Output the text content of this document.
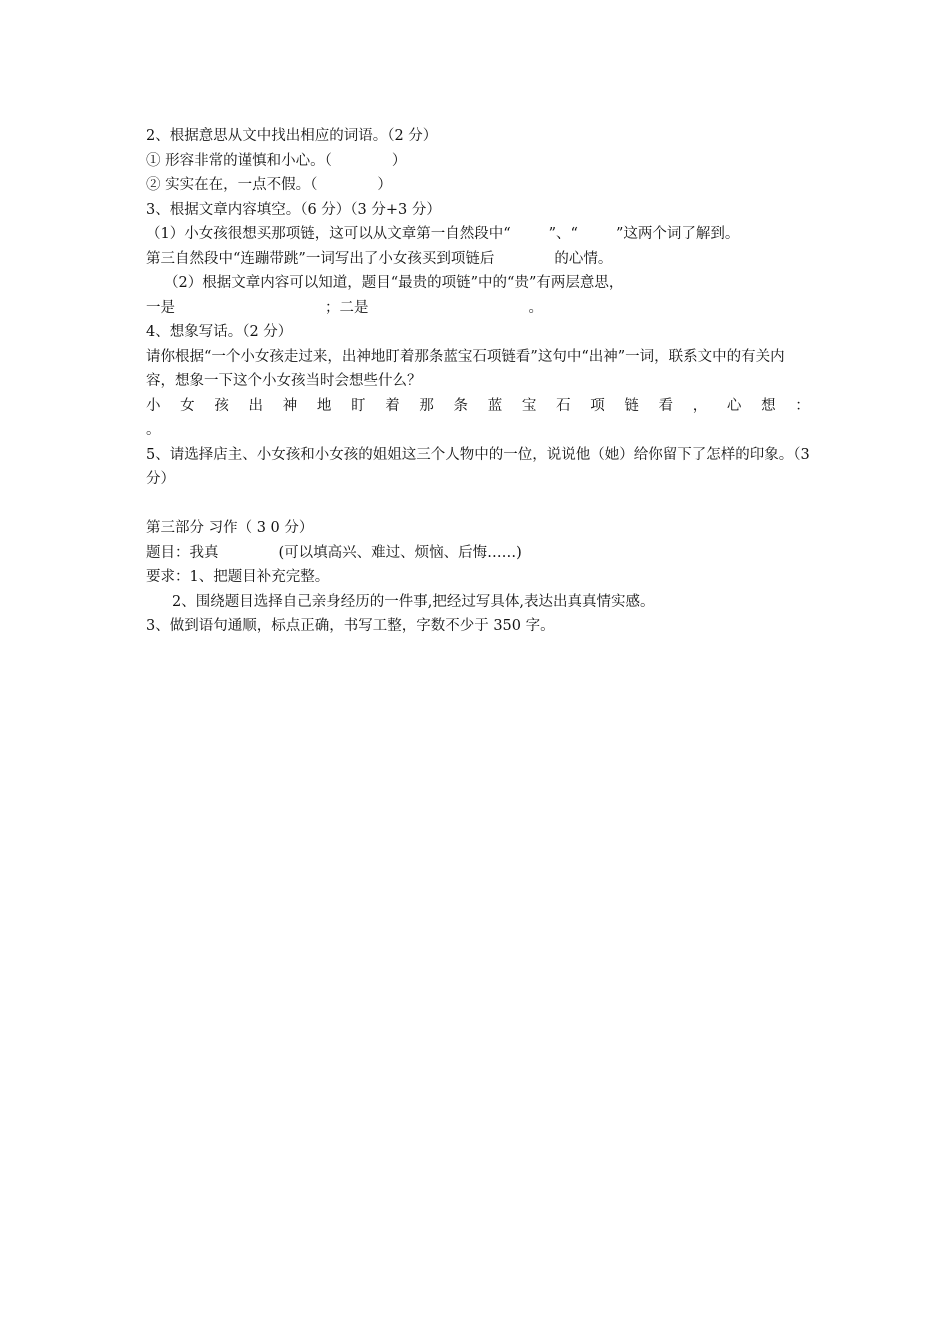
2、根据意思从文中找出相应的词语。（2 分）
① 形容非常的谨慎和小心。（	）
② 实实在在，一点不假。（	）
3、根据文章内容填空。（6 分）（3 分+3 分）
（1）小女孩很想买那项链，这可以从文章第一自然段中“	”、“	”这两个词了解到。
第三自然段中“连蹦带跳”一词写出了小女孩买到项链后	的心情。
（2）根据文章内容可以知道，题目“最贵的项链”中的“贵”有两层意思，
一是	；二是	。
4、想象写话。（2 分）
请你根据“一个小女孩走过来，出神地盯着那条蓝宝石项链看”这句中“出神”一词，联系文中的有关内容，想象一下这个小女孩当时会想些什么？
小 女 孩 出 神 地 盯 着 那 条 蓝 宝 石 项 链 看 ， 心 想 ：
。
5、请选择店主、小女孩和小女孩的姐姐这三个人物中的一位，说说他（她）给你留下了怎样的印象。（3 分）
第三部分 习作（ 3 0 分）
题目：我真	(可以填高兴、难过、烦恼、后悔……)
要求：1、把题目补充完整。
2、围绕题目选择自己亲身经历的一件事,把经过写具体,表达出真真情实感。
3、做到语句通顺，标点正确，书写工整，字数不少于 350 字。
